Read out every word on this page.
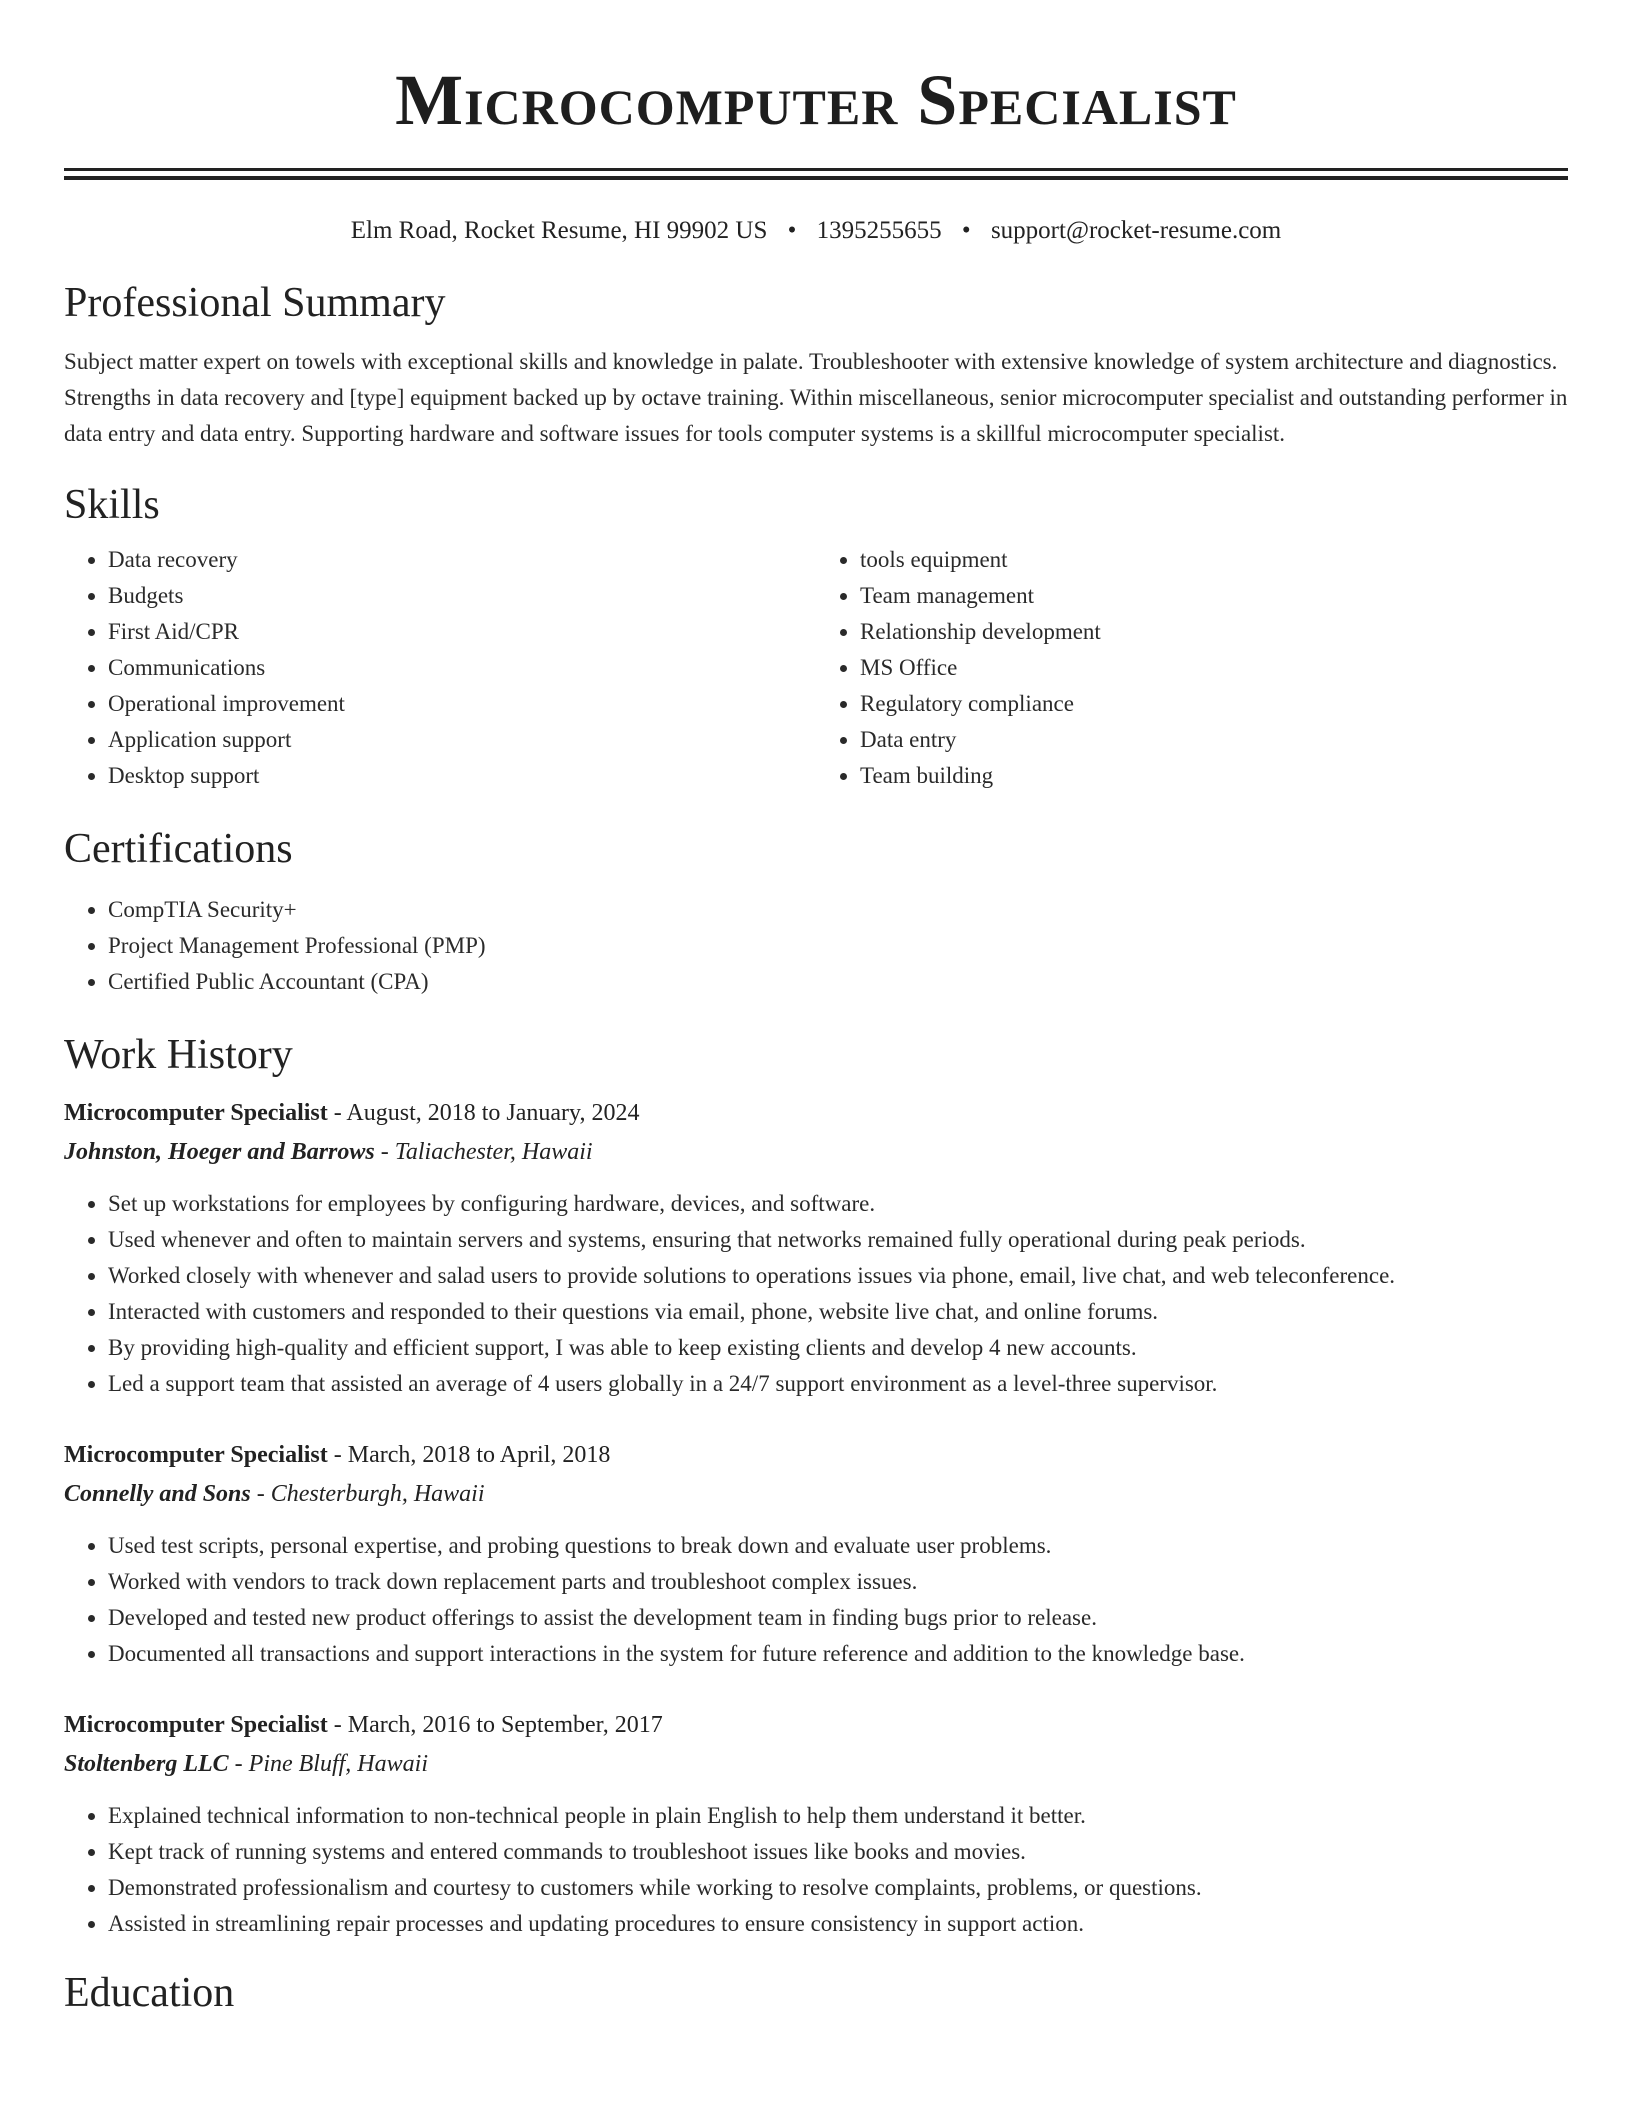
Microcomputer Specialist
Elm Road, Rocket Resume, HI 99902 US • 1395255655 • support@rocket-resume.com
Professional Summary

Subject matter expert on towels with exceptional skills and knowledge in palate. Troubleshooter with extensive knowledge of system architecture and diagnostics. Strengths in data recovery and [type] equipment backed up by octave training. Within miscellaneous, senior microcomputer specialist and outstanding performer in data entry and data entry. Supporting hardware and software issues for tools computer systems is a skillful microcomputer specialist.

Skills
• Data recovery
• Budgets
• First Aid/CPR
• Communications
• Operational improvement
• Application support
• Desktop support
• tools equipment
• Team management
• Relationship development
• MS Office
• Regulatory compliance
• Data entry
• Team building
Certifications
• CompTIA Security+
• Project Management Professional (PMP)
• Certified Public Accountant (CPA)
Work History
Microcomputer Specialist - August, 2018 to January, 2024
Johnston, Hoeger and Barrows - Taliachester, Hawaii
• Set up workstations for employees by configuring hardware, devices, and software.
• Used whenever and often to maintain servers and systems, ensuring that networks remained fully operational during peak periods.
• Worked closely with whenever and salad users to provide solutions to operations issues via phone, email, live chat, and web teleconference.
• Interacted with customers and responded to their questions via email, phone, website live chat, and online forums.
• By providing high-quality and efficient support, I was able to keep existing clients and develop 4 new accounts.
• Led a support team that assisted an average of 4 users globally in a 24/7 support environment as a level-three supervisor.
Microcomputer Specialist - March, 2018 to April, 2018
Connelly and Sons - Chesterburgh, Hawaii
• Used test scripts, personal expertise, and probing questions to break down and evaluate user problems.
• Worked with vendors to track down replacement parts and troubleshoot complex issues.
• Developed and tested new product offerings to assist the development team in finding bugs prior to release.
• Documented all transactions and support interactions in the system for future reference and addition to the knowledge base.
Microcomputer Specialist - March, 2016 to September, 2017
Stoltenberg LLC - Pine Bluff, Hawaii
• Explained technical information to non-technical people in plain English to help them understand it better.
• Kept track of running systems and entered commands to troubleshoot issues like books and movies.
• Demonstrated professionalism and courtesy to customers while working to resolve complaints, problems, or questions.
• Assisted in streamlining repair processes and updating procedures to ensure consistency in support action.
Education
